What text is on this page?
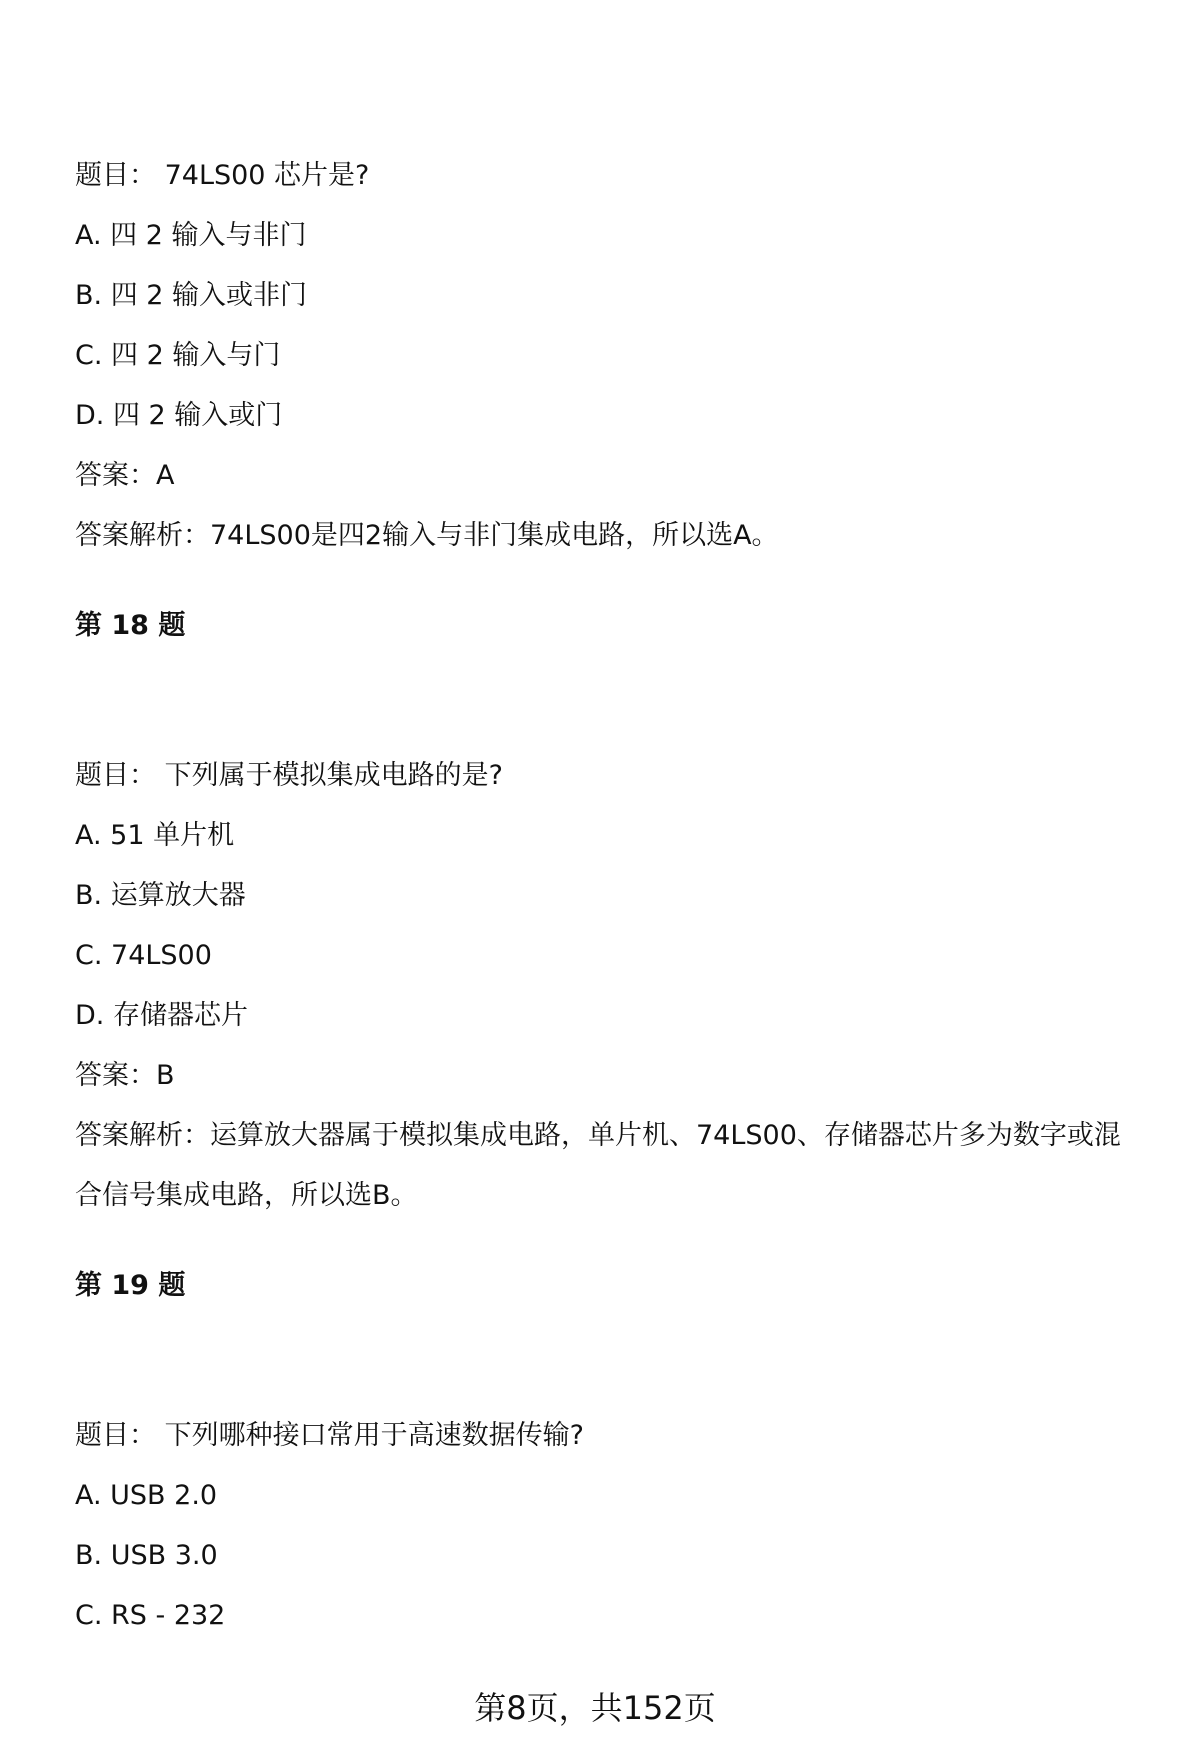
题目： 74LS00 芯片是?
A. 四 2 输入与非门
B. 四 2 输入或非门
C. 四 2 输入与门
D. 四 2 输入或门
答案：A
答案解析：74LS00是四2输入与非门集成电路，所以选A。
第 18 题
题目： 下列属于模拟集成电路的是?
A. 51 单片机
B. 运算放大器
C. 74LS00
D. 存储器芯片
答案：B
答案解析：运算放大器属于模拟集成电路，单片机、74LS00、存储器芯片多为数字或混合信号集成电路，所以选B。
第 19 题
题目： 下列哪种接口常用于高速数据传输?
A. USB 2.0
B. USB 3.0
C. RS - 232
第8页，共152页
